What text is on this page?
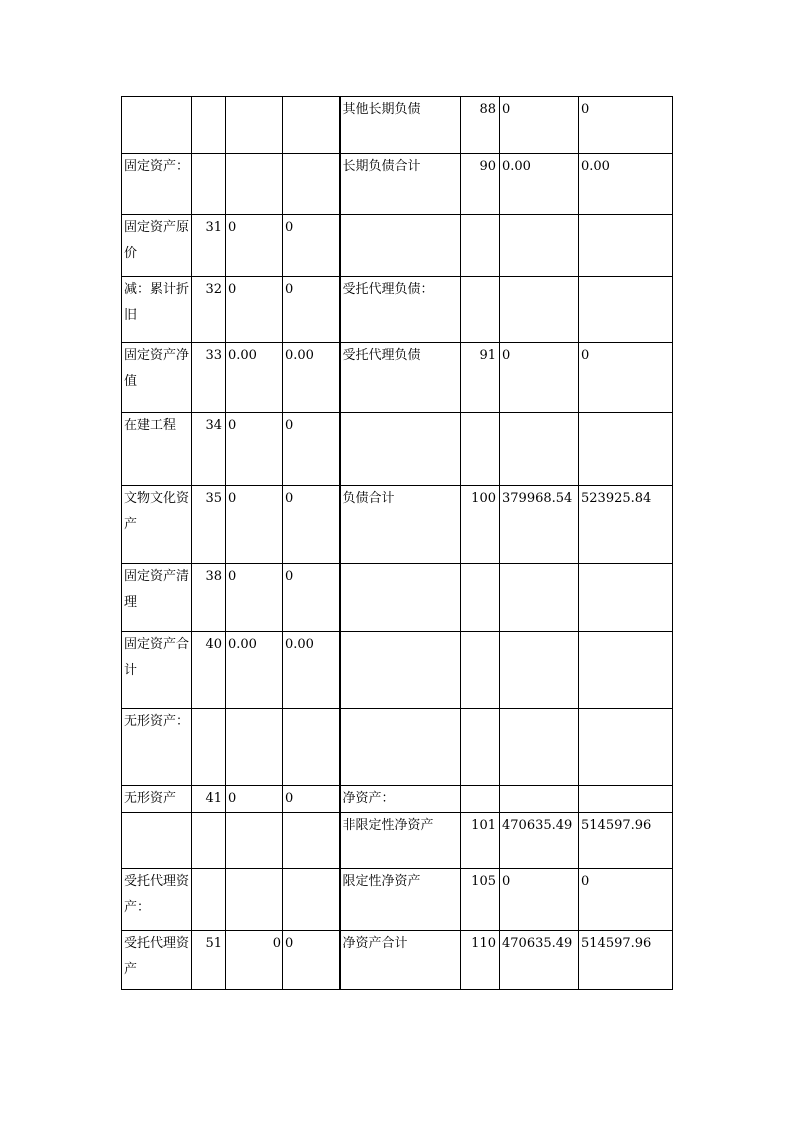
				其他长期负债	88	0	0
固定资产：				长期负债合计	90	0.00	0.00
固定资产原价	31	0	0				
减：累计折旧	32	0	0	受托代理负债：			
固定资产净值	33	0.00	0.00	受托代理负债	91	0	0
在建工程	34	0	0				
文物文化资产	35	0	0	负债合计	100	379968.54	523925.84
固定资产清理	38	0	0				
固定资产合计	40	0.00	0.00				
无形资产：							
无形资产	41	0	0	净资产：			
				非限定性净资产	101	470635.49	514597.96
受托代理资产：				限定性净资产	105	0	0
受托代理资产	51	0	0	净资产合计	110	470635.49	514597.96
